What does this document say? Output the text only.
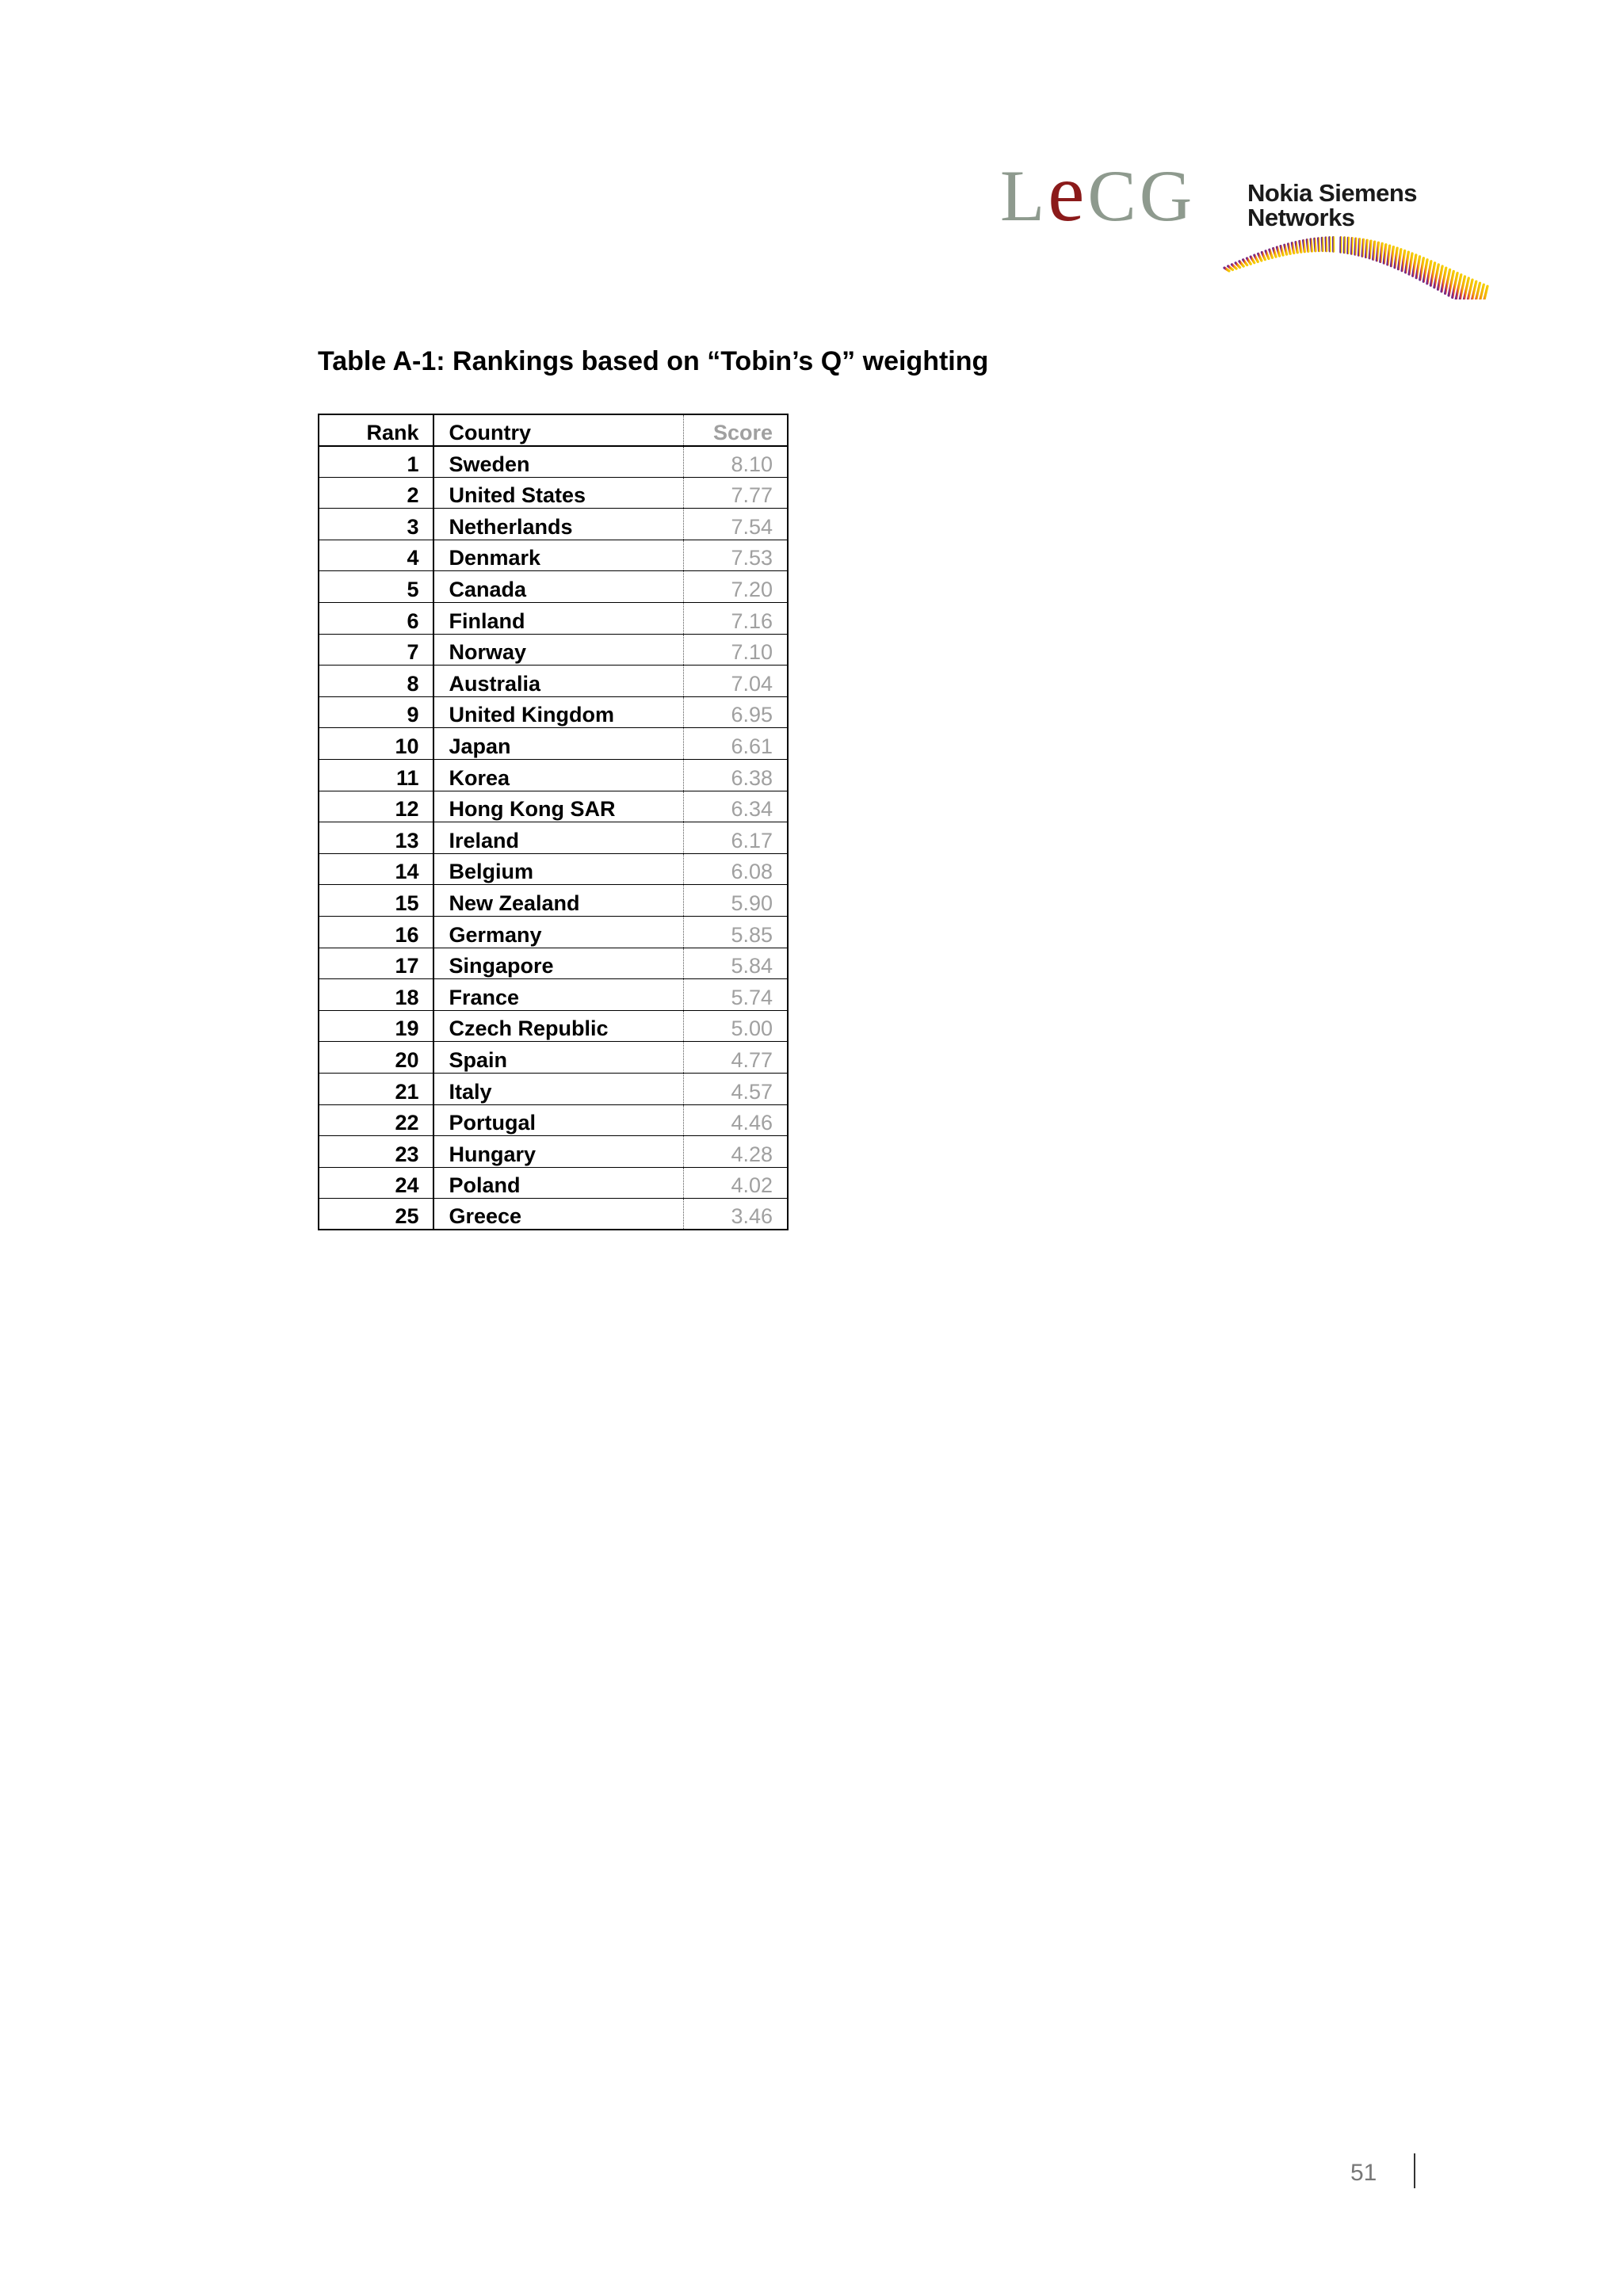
LeCG Nokia Siemens
Networks
Table A-1: Rankings based on “Tobin’s Q” weighting
Rank	Country	Score
1	Sweden	8.10
2	United States	7.77
3	Netherlands	7.54
4	Denmark	7.53
5	Canada	7.20
6	Finland	7.16
7	Norway	7.10
8	Australia	7.04
9	United Kingdom	6.95
10	Japan	6.61
11	Korea	6.38
12	Hong Kong SAR	6.34
13	Ireland	6.17
14	Belgium	6.08
15	New Zealand	5.90
16	Germany	5.85
17	Singapore	5.84
18	France	5.74
19	Czech Republic	5.00
20	Spain	4.77
21	Italy	4.57
22	Portugal	4.46
23	Hungary	4.28
24	Poland	4.02
25	Greece	3.46
51
